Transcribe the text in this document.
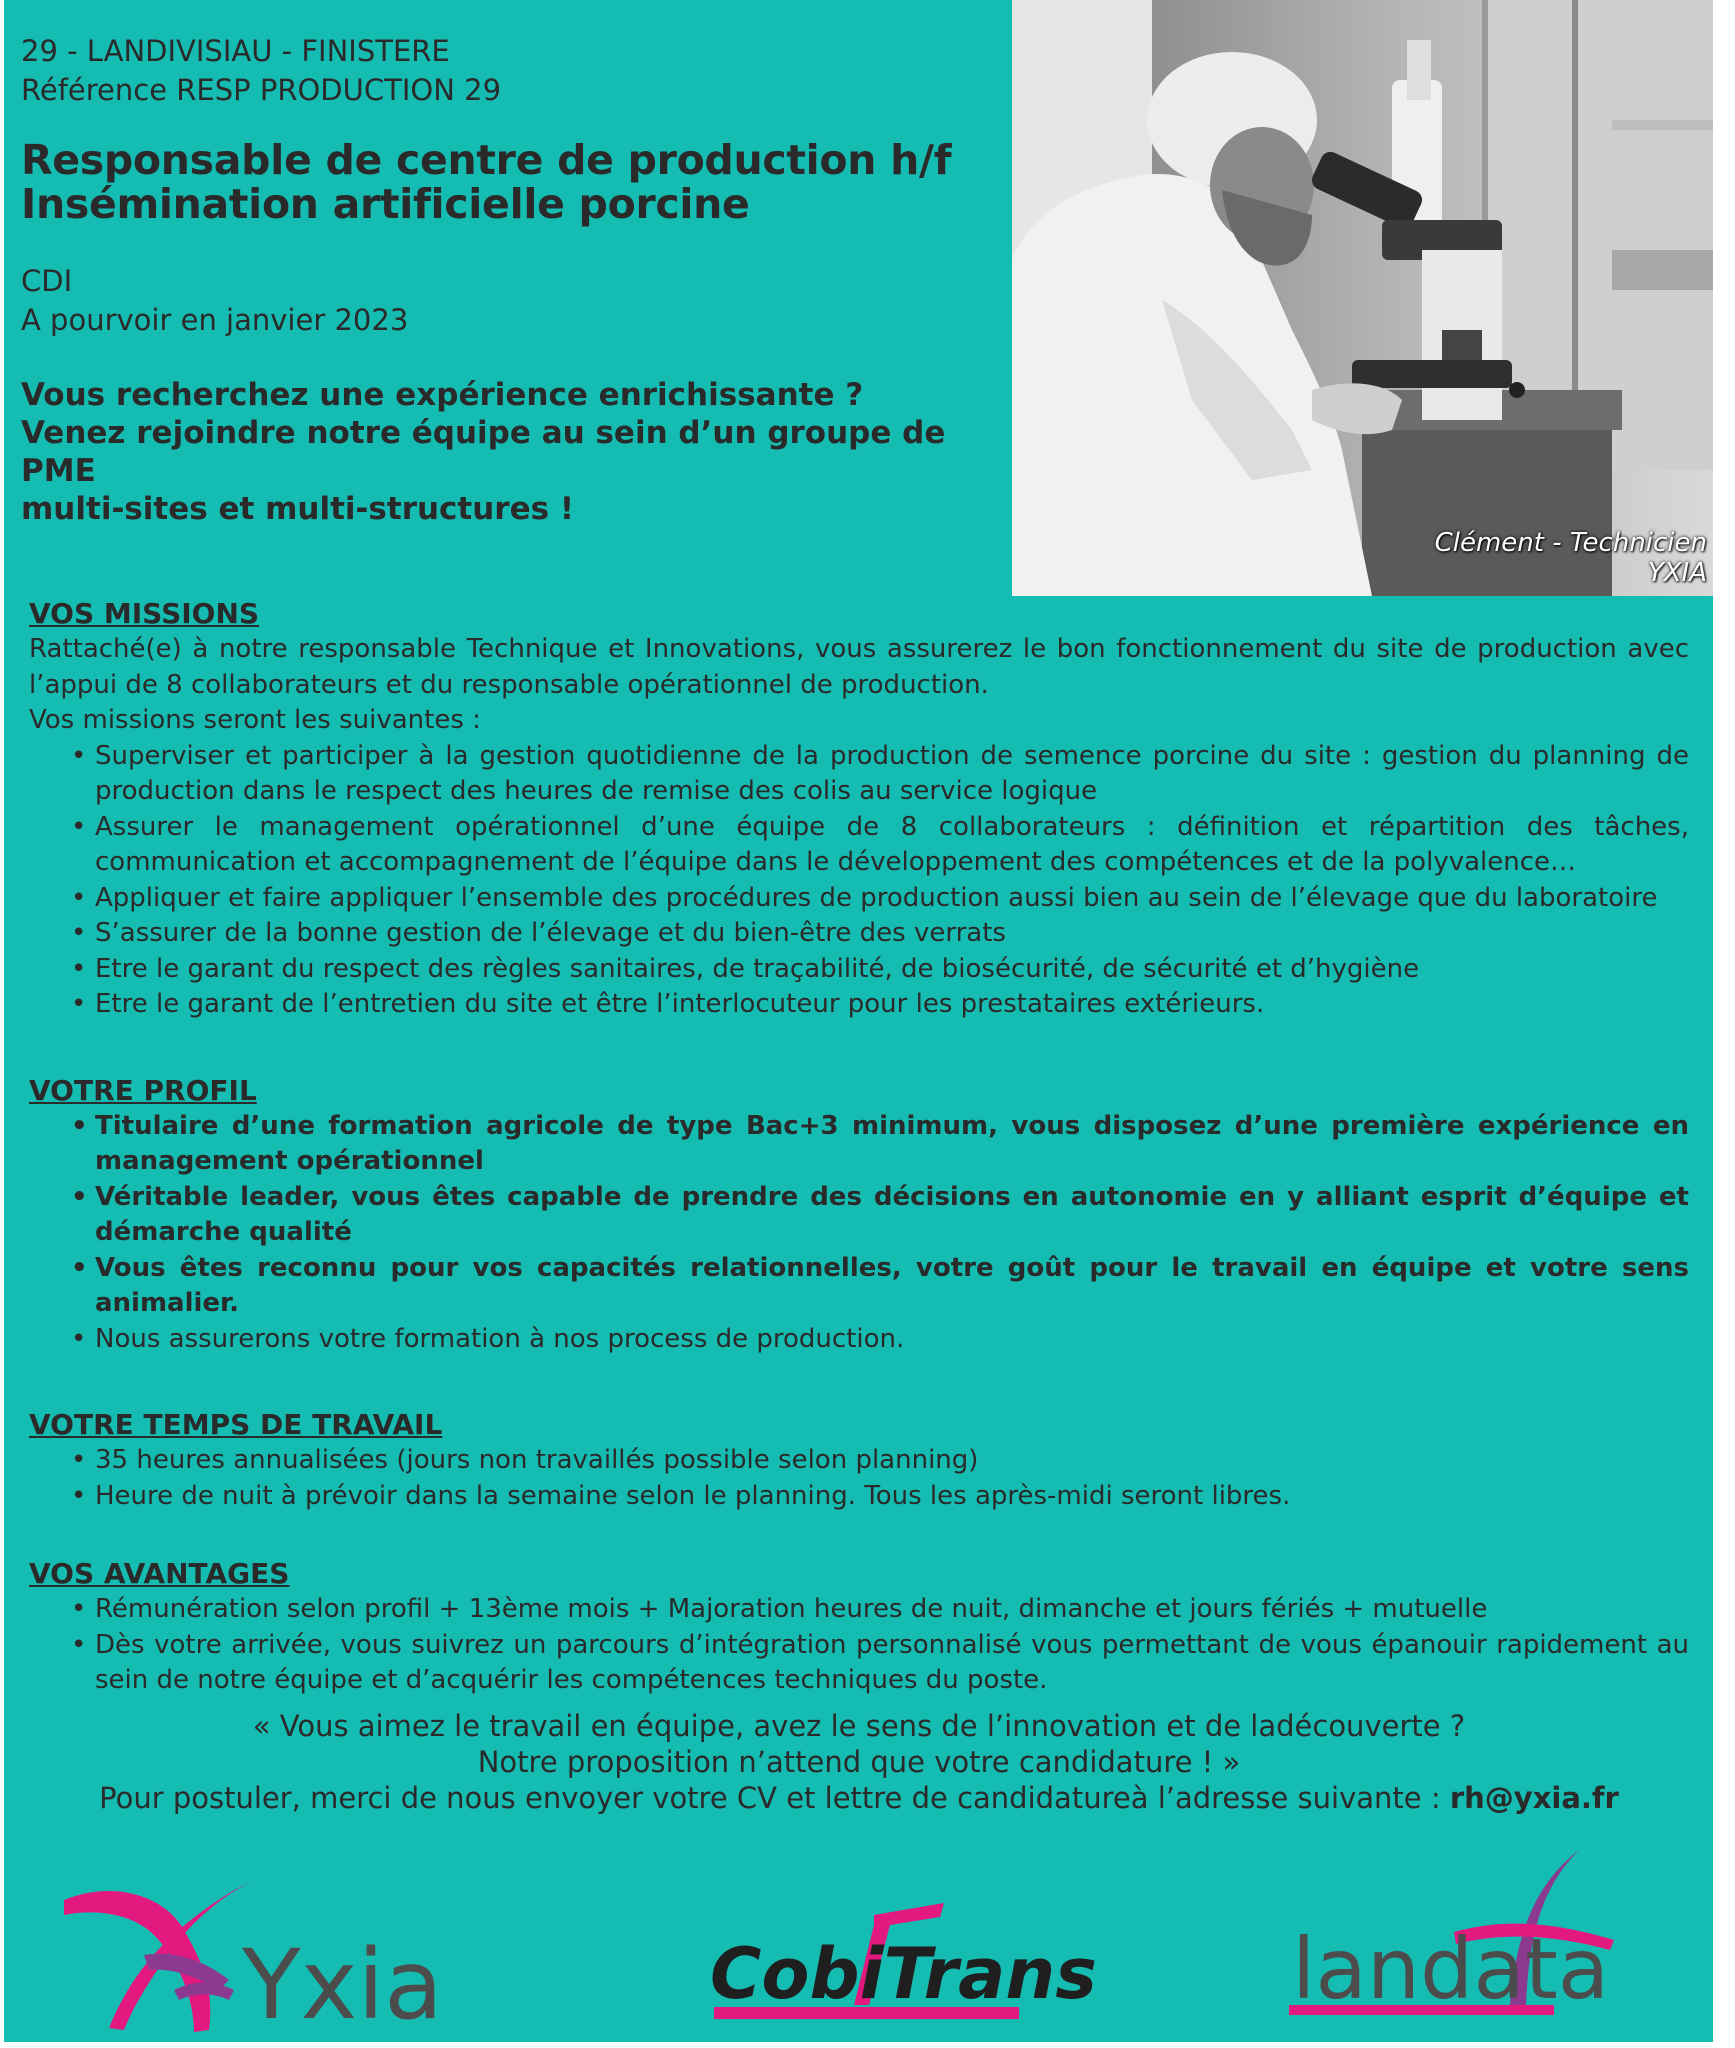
29 - LANDIVISIAU - FINISTERE

Référence RESP PRODUCTION 29

Responsable de centre de production h/f
Insémination artificielle porcine

CDI
A pourvoir en janvier 2023

Vous recherchez une expérience enrichissante ?
Venez rejoindre notre équipe au sein d’un groupe de PME
multi-sites et multi-structures !

Clément - Technicien
YXIA

VOS MISSIONS

Rattaché(e) à notre responsable Technique et Innovations, vous assurerez le bon fonctionnement du site de production avec l’appui de 8 collaborateurs et du responsable opérationnel de production.

Vos missions seront les suivantes :

• Superviser et participer à la gestion quotidienne de la production de semence porcine du site : gestion du planning de production dans le respect des heures de remise des colis au service logique
• Assurer le management opérationnel d’une équipe de 8 collaborateurs : définition et répartition des tâches, communication et accompagnement de l’équipe dans le développement des compétences et de la polyvalence…
• Appliquer et faire appliquer l’ensemble des procédures de production aussi bien au sein de l’élevage que du laboratoire
• S’assurer de la bonne gestion de l’élevage et du bien-être des verrats
• Etre le garant du respect des règles sanitaires, de traçabilité, de biosécurité, de sécurité et d’hygiène
• Etre le garant de l’entretien du site et être l’interlocuteur pour les prestataires extérieurs.

VOTRE PROFIL

• Titulaire d’une formation agricole de type Bac+3 minimum, vous disposez d’une première expérience en management opérationnel
• Véritable leader, vous êtes capable de prendre des décisions en autonomie en y alliant esprit d’équipe et démarche qualité
• Vous êtes reconnu pour vos capacités relationnelles, votre goût pour le travail en équipe et votre sens animalier.
• Nous assurerons votre formation à nos process de production.

VOTRE TEMPS DE TRAVAIL

• 35 heures annualisées (jours non travaillés possible selon planning)
• Heure de nuit à prévoir dans la semaine selon le planning. Tous les après-midi seront libres.

VOS AVANTAGES

• Rémunération selon profil + 13ème mois + Majoration heures de nuit, dimanche et jours fériés + mutuelle
• Dès votre arrivée, vous suivrez un parcours d’intégration personnalisé vous permettant de vous épanouir rapidement au sein de notre équipe et d’acquérir les compétences techniques du poste.
« Vous aimez le travail en équipe, avez le sens de l’innovation et de ladécouverte ?
Notre proposition n’attend que votre candidature ! »
Pour postuler, merci de nous envoyer votre CV et lettre de candidatureà l’adresse suivante : rh@yxia.fr
Yxia	CobiTrans landata
